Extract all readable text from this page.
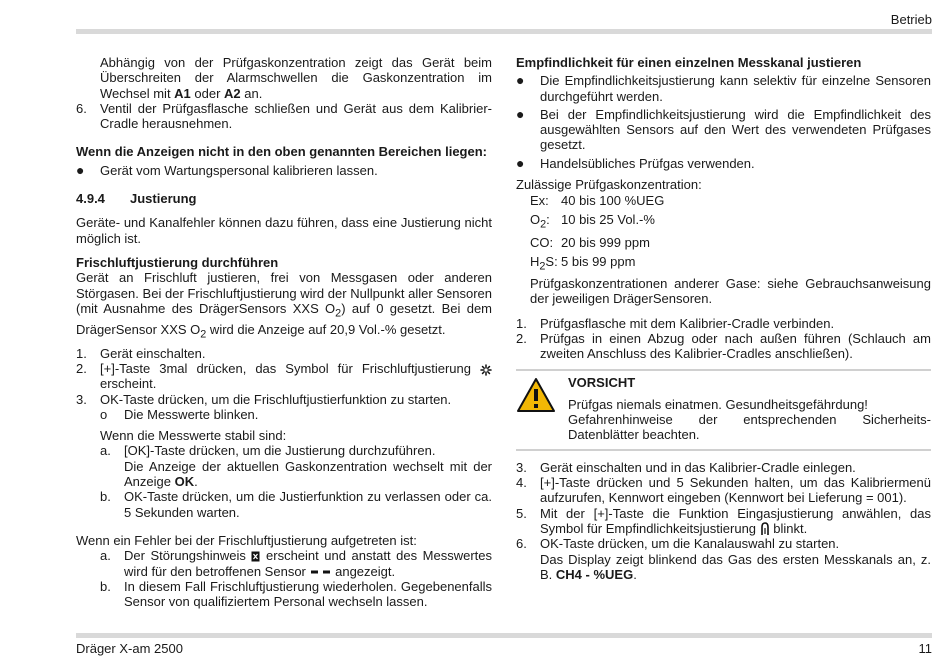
Betrieb

Abhängig von der Prüfgaskonzentration zeigt das Gerät beim Überschreiten der Alarmschwellen die Gaskonzentration im Wechsel mit A1 oder A2 an.

6.	Ventil der Prüfgasflasche schließen und Gerät aus dem Kalibrier-Cradle herausnehmen.

Wenn die Anzeigen nicht in den oben genannten Bereichen liegen:

●	Gerät vom Wartungspersonal kalibrieren lassen.
4.9.4	Justierung

Geräte- und Kanalfehler können dazu führen, dass eine Justierung nicht möglich ist.

Frischluftjustierung durchführen

Gerät an Frischluft justieren, frei von Messgasen oder anderen Störgasen. Bei der Frischluftjustierung wird der Nullpunkt aller Sensoren (mit Ausnahme des DrägerSensors XXS $O_2$) auf 0 gesetzt. Bei dem DrägerSensor XXS $O_2$ wird die Anzeige auf 20,9 Vol.-% gesetzt.

1.	Gerät einschalten.
2.	[+]-Taste 3mal drücken, das Symbol für Frischluftjustierung  erscheint.
3.	OK-Taste drücken, um die Frischluftjustierfunktion zu starten.
o	Die Messwerte blinken.

Wenn die Messwerte stabil sind:

a.	[OK]-Taste drücken, um die Justierung durchzuführen.
Die Anzeige der aktuellen Gaskonzentration wechselt mit der Anzeige OK.
b.	OK-Taste drücken, um die Justierfunktion zu verlassen oder ca. 5 Sekunden warten.

Wenn ein Fehler bei der Frischluftjustierung aufgetreten ist:

a.	Der Störungshinweis  erscheint und anstatt des Messwertes wird für den betroffenen Sensor  angezeigt.
b.	In diesem Fall Frischluftjustierung wiederholen. Gegebenenfalls Sensor von qualifiziertem Personal wechseln lassen.

Empfindlichkeit für einen einzelnen Messkanal justieren

●	Die Empfindlichkeitsjustierung kann selektiv für einzelne Sensoren durchgeführt werden.
●	Bei der Empfindlichkeitsjustierung wird die Empfindlichkeit des ausgewählten Sensors auf den Wert des verwendeten Prüfgases gesetzt.
●	Handelsübliches Prüfgas verwenden.

Zulässige Prüfgaskonzentration:

Ex: 40 bis 100 %UEG
$O_2$: 10 bis 25 Vol.-%
CO: 20 bis 999 ppm
$H_2S$: 5 bis 99 ppm

Prüfgaskonzentrationen anderer Gase: siehe Gebrauchsanweisung der jeweiligen DrägerSensoren.

1.	Prüfgasflasche mit dem Kalibrier-Cradle verbinden.
2.	Prüfgas in einen Abzug oder nach außen führen (Schlauch am zweiten Anschluss des Kalibrier-Cradles anschließen).

VORSICHT

Prüfgas niemals einatmen. Gesundheitsgefährdung!

Gefahrenhinweise der entsprechenden Sicherheits-Datenblätter beachten.

3.	Gerät einschalten und in das Kalibrier-Cradle einlegen.
4.	[+]-Taste drücken und 5 Sekunden halten, um das Kalibriermenü aufzurufen, Kennwort eingeben (Kennwort bei Lieferung = 001).
5.	Mit der [+]-Taste die Funktion Eingasjustierung anwählen, das Symbol für Empfindlichkeitsjustierung  blinkt.
6.	OK-Taste drücken, um die Kanalauswahl zu starten.
Das Display zeigt blinkend das Gas des ersten Messkanals an, z. B. CH4 - %UEG.
Dräger X-am 2500	11
